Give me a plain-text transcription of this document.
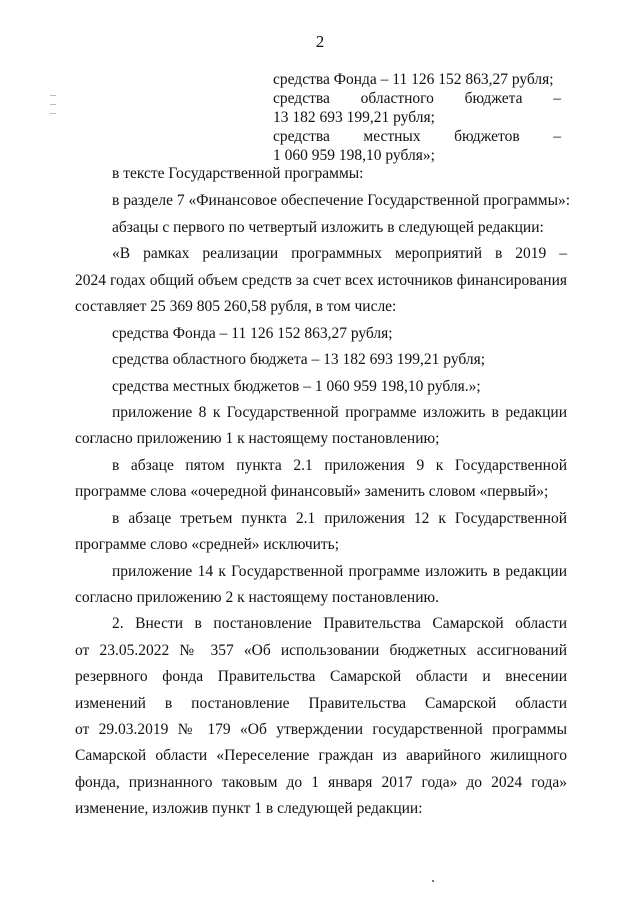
2
средства Фонда – 11 126 152 863,27 рубля;
средства областного бюджета –
13 182 693 199,21 рубля;
средства местных бюджетов –
1 060 959 198,10 рубля»;
в тексте Государственной программы:
в разделе 7 «Финансовое обеспечение Государственной программы»:
абзацы с первого по четвертый изложить в следующей редакции:
«В рамках реализации программных мероприятий в 2019 –
2024 годах общий объем средств за счет всех источников финансирования
составляет 25 369 805 260,58 рубля, в том числе:
средства Фонда – 11 126 152 863,27 рубля;
средства областного бюджета – 13 182 693 199,21 рубля;
средства местных бюджетов – 1 060 959 198,10 рубля.»;
приложение 8 к Государственной программе изложить в редакции
согласно приложению 1 к настоящему постановлению;
в абзаце пятом пункта 2.1 приложения 9 к Государственной
программе слова «очередной финансовый» заменить словом «первый»;
в абзаце третьем пункта 2.1 приложения 12 к Государственной
программе слово «средней» исключить;
приложение 14 к Государственной программе изложить в редакции
согласно приложению 2 к настоящему постановлению.
2. Внести в постановление Правительства Самарской области
от 23.05.2022 № 357 «Об использовании бюджетных ассигнований
резервного фонда Правительства Самарской области и внесении
изменений в постановление Правительства Самарской области
от 29.03.2019 № 179 «Об утверждении государственной программы
Самарской области «Переселение граждан из аварийного жилищного
фонда, признанного таковым до 1 января 2017 года» до 2024 года»
изменение, изложив пункт 1 в следующей редакции:
